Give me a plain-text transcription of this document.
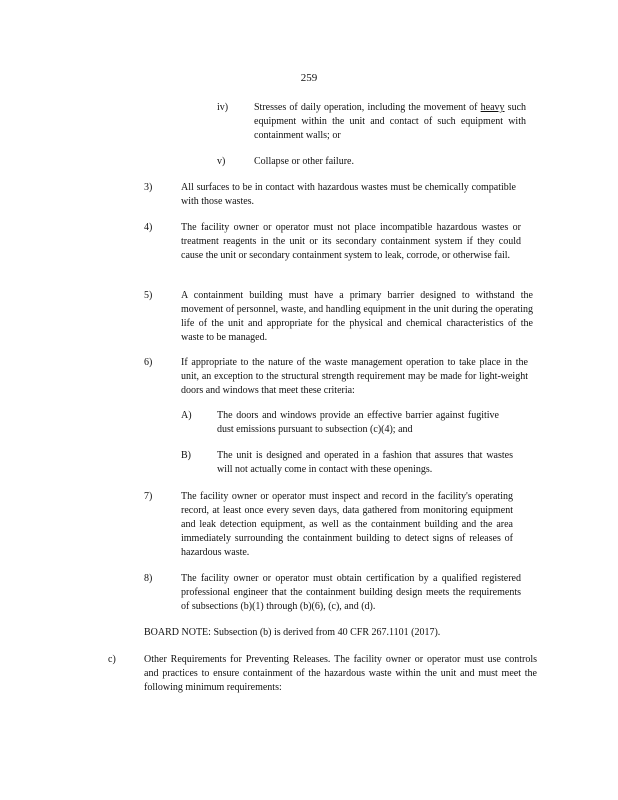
259
iv)	Stresses of daily operation, including the movement of heavy such equipment within the unit and contact of such equipment with containment walls; or
v)	Collapse or other failure.
3)	All surfaces to be in contact with hazardous wastes must be chemically compatible with those wastes.
4)	The facility owner or operator must not place incompatible hazardous wastes or treatment reagents in the unit or its secondary containment system if they could cause the unit or secondary containment system to leak, corrode, or otherwise fail.
5)	A containment building must have a primary barrier designed to withstand the movement of personnel, waste, and handling equipment in the unit during the operating life of the unit and appropriate for the physical and chemical characteristics of the waste to be managed.
6)	If appropriate to the nature of the waste management operation to take place in the unit, an exception to the structural strength requirement may be made for light-weight doors and windows that meet these criteria:
A)	The doors and windows provide an effective barrier against fugitive dust emissions pursuant to subsection (c)(4); and
B)	The unit is designed and operated in a fashion that assures that wastes will not actually come in contact with these openings.
7)	The facility owner or operator must inspect and record in the facility's operating record, at least once every seven days, data gathered from monitoring equipment and leak detection equipment, as well as the containment building and the area immediately surrounding the containment building to detect signs of releases of hazardous waste.
8)	The facility owner or operator must obtain certification by a qualified registered professional engineer that the containment building design meets the requirements of subsections (b)(1) through (b)(6), (c), and (d).
BOARD NOTE: Subsection (b) is derived from 40 CFR 267.1101 (2017).
c)	Other Requirements for Preventing Releases. The facility owner or operator must use controls and practices to ensure containment of the hazardous waste within the unit and must meet the following minimum requirements:
